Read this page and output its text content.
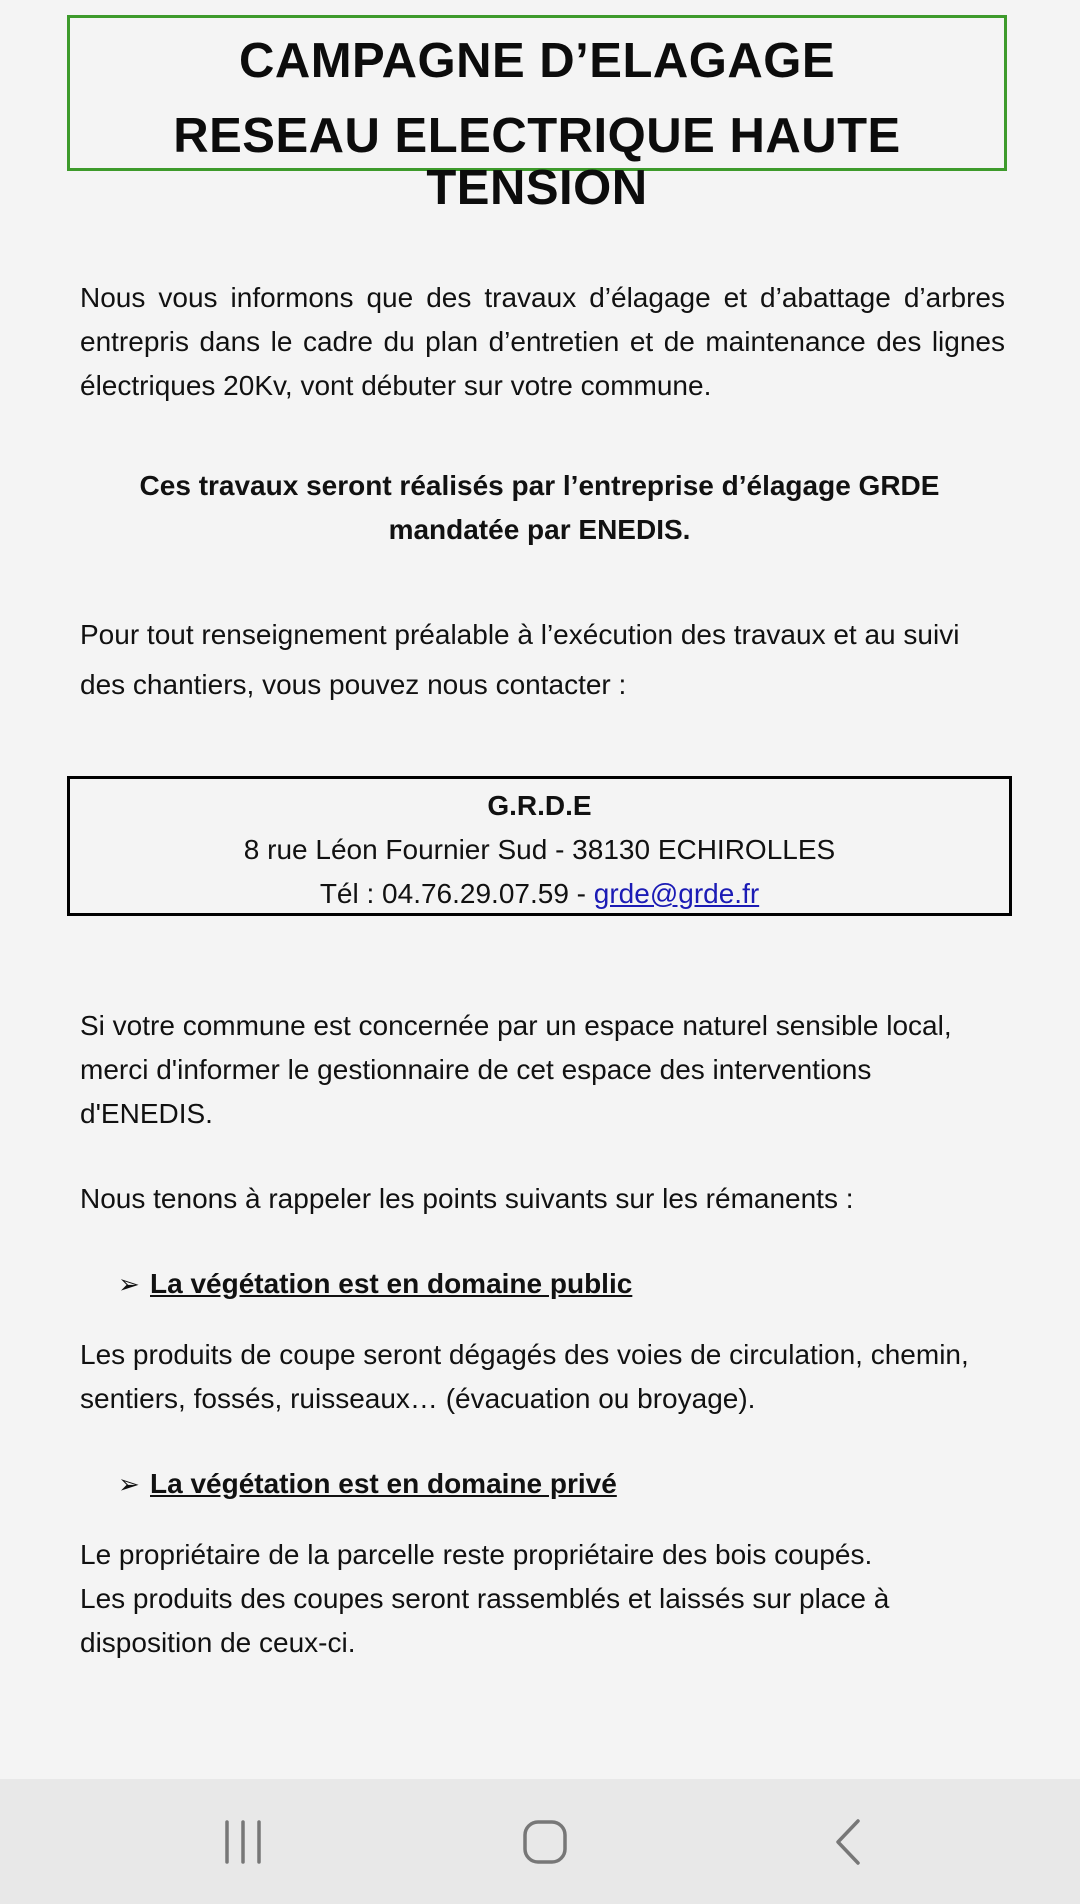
CAMPAGNE D’ELAGAGE
RESEAU ELECTRIQUE HAUTE TENSION
Nous vous informons que des travaux d’élagage et d’abattage d’arbres entrepris dans le cadre du plan d’entretien et de maintenance des lignes électriques 20Kv, vont débuter sur votre commune.
Ces travaux seront réalisés par l’entreprise d’élagage GRDE mandatée par ENEDIS.
Pour tout renseignement préalable à l’exécution des travaux et au suivi des chantiers, vous pouvez nous contacter :
G.R.D.E
8 rue Léon Fournier Sud - 38130 ECHIROLLES
Tél : 04.76.29.07.59 - grde@grde.fr
Si votre commune est concernée par un espace naturel sensible local, merci d'informer le gestionnaire de cet espace des interventions d'ENEDIS.
Nous tenons à rappeler les points suivants sur les rémanents :
➢ La végétation est en domaine public
Les produits de coupe seront dégagés des voies de circulation, chemin, sentiers, fossés, ruisseaux… (évacuation ou broyage).
➢ La végétation est en domaine privé
Le propriétaire de la parcelle reste propriétaire des bois coupés.
Les produits des coupes seront rassemblés et laissés sur place à disposition de ceux-ci.
